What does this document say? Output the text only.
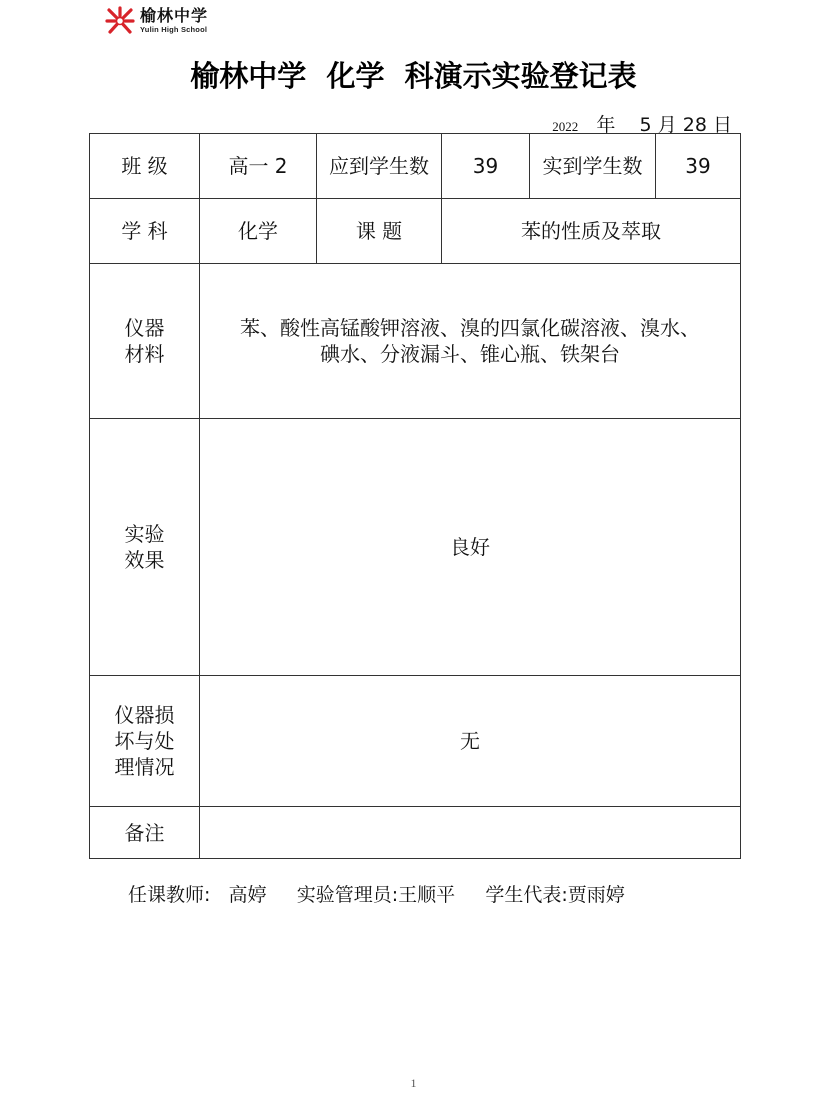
榆林中学
Yulin High School
榆林中学  化学  科演示实验登记表
2022 年 5 月 28 日
班 级	高一 2	应到学生数	39	实到学生数	39
学 科	化学	课 题	苯的性质及萃取		
仪器
材料	苯、酸性高锰酸钾溶液、溴的四氯化碳溶液、溴水、
碘水、分液漏斗、锥心瓶、铁架台				
实验
效果	良好				
仪器损
坏与处
理情况	无				
备注					
任课教师: 高婷 实验管理员:王顺平 学生代表:贾雨婷
1
